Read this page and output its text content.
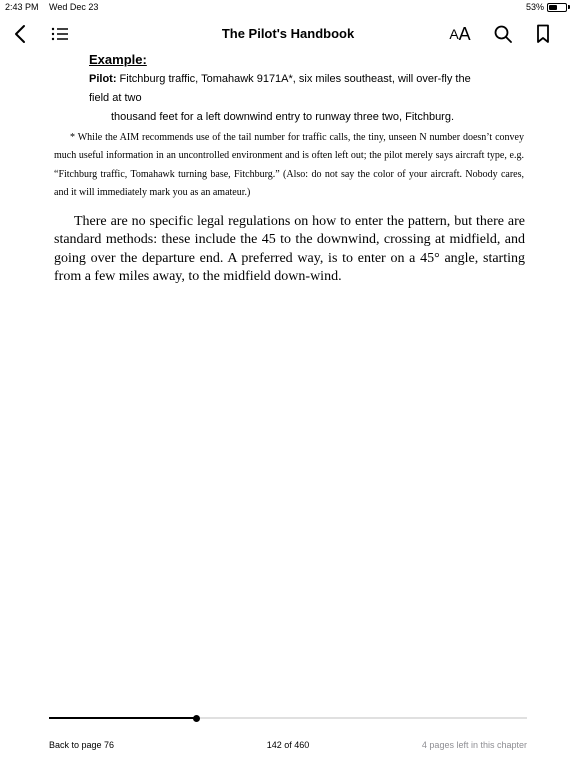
2:43 PM Wed Dec 23	53%
The Pilot's Handbook	A A
Example:
Pilot: Fitchburg traffic, Tomahawk 9171A*, six miles southeast, will over-fly the field at two
thousand feet for a left downwind entry to runway three two, Fitchburg.
* While the AIM recommends use of the tail number for traffic calls, the tiny, unseen N number doesn’t convey much useful information in an uncontrolled environment and is often left out; the pilot merely says aircraft type, e.g. “Fitchburg traffic, Tomahawk turning base, Fitchburg.” (Also: do not say the color of your aircraft. Nobody cares, and it will immediately mark you as an amateur.)
There are no specific legal regulations on how to enter the pattern, but there are standard methods: these include the 45 to the downwind, crossing at midfield, and going over the departure end. A preferred way, is to enter on a 45° angle, starting from a few miles away, to the midfield down-wind.
Back to page 76	142 of 460	4 pages left in this chapter
